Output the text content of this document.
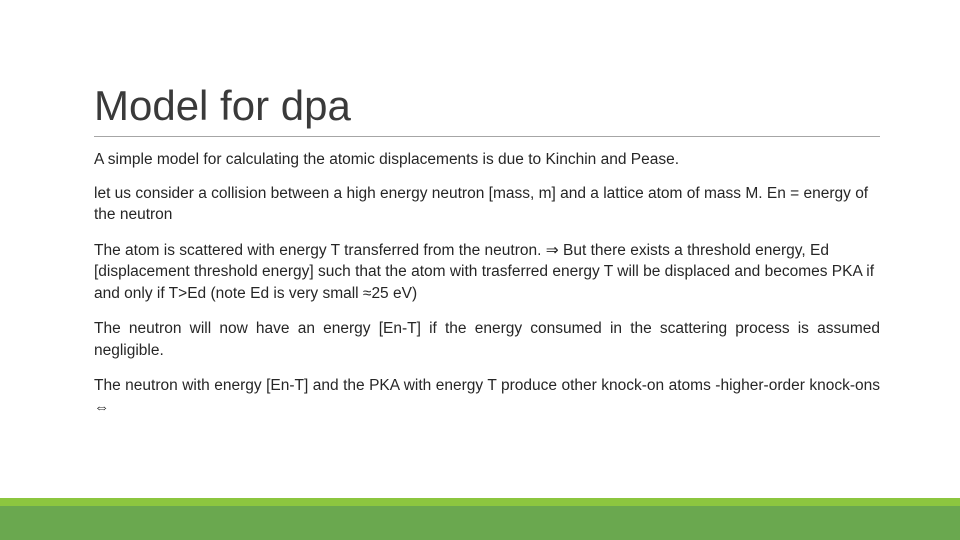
Model for dpa

A simple model for calculating the atomic displacements is due to Kinchin and Pease.

let us consider a collision between a high energy neutron [mass, m] and a lattice atom of mass M. En = energy of the neutron

The atom is scattered with energy T transferred from the neutron. ⇒ But there exists a threshold energy, Ed [displacement threshold energy] such that the atom with trasferred energy T will be displaced and becomes PKA if and only if T>Ed (note Ed is very small ≈25 eV)

The neutron will now have an energy [En-T] if the energy consumed in the scattering process is assumed negligible.

The neutron with energy [En-T] and the PKA with energy T produce other knock-on atoms -higher-order knock-ons ⇔
